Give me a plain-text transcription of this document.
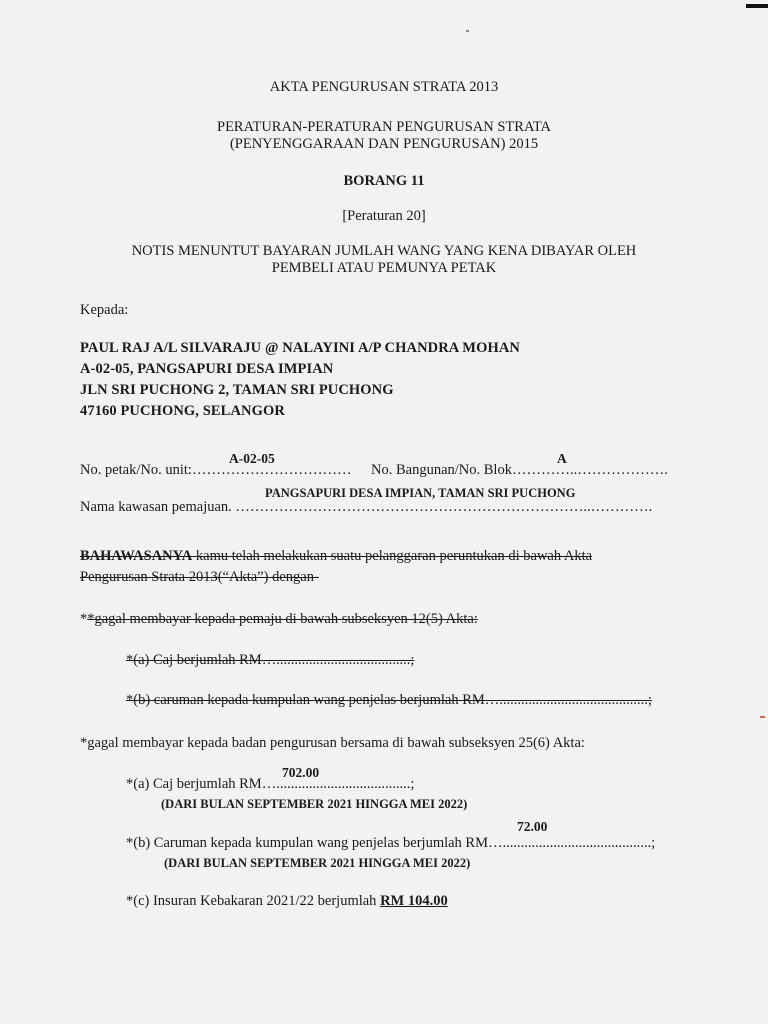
AKTA PENGURUSAN STRATA 2013
PERATURAN-PERATURAN PENGURUSAN STRATA
(PENYENGGARAAN DAN PENGURUSAN) 2015
BORANG 11
[Peraturan 20]
NOTIS MENUNTUT BAYARAN JUMLAH WANG YANG KENA DIBAYAR OLEH
PEMBELI ATAU PEMUNYA PETAK
Kepada:
PAUL RAJ A/L SILVARAJU @ NALAYINI A/P CHANDRA MOHAN
A-02-05, PANGSAPURI DESA IMPIAN
JLN SRI PUCHONG 2, TAMAN SRI PUCHONG
47160 PUCHONG, SELANGOR
A-02-05	A
No. petak/No. unit:…………………………… No. Bangunan/No. Blok…………..……………….
PANGSAPURI DESA IMPIAN, TAMAN SRI PUCHONG
Nama kawasan pemajuan. ………………………………………………………………..………….
BAHAWASANYA kamu telah melakukan suatu pelanggaran peruntukan di bawah Akta
Pengurusan Strata 2013(“Akta”) dengan-
**gagal membayar kepada pemaju di bawah subseksyen 12(5) Akta:
*(a) Caj berjumlah RM….....................................;
*(b) caruman kepada kumpulan wang penjelas berjumlah RM….........................................;
*gagal membayar kepada badan pengurusan bersama di bawah subseksyen 25(6) Akta:
702.00
*(a) Caj berjumlah RM….....................................;
(DARI BULAN SEPTEMBER 2021 HINGGA MEI 2022)
72.00
*(b) Caruman kepada kumpulan wang penjelas berjumlah RM….........................................;
(DARI BULAN SEPTEMBER 2021 HINGGA MEI 2022)
*(c) Insuran Kebakaran 2021/22 berjumlah RM 104.00
